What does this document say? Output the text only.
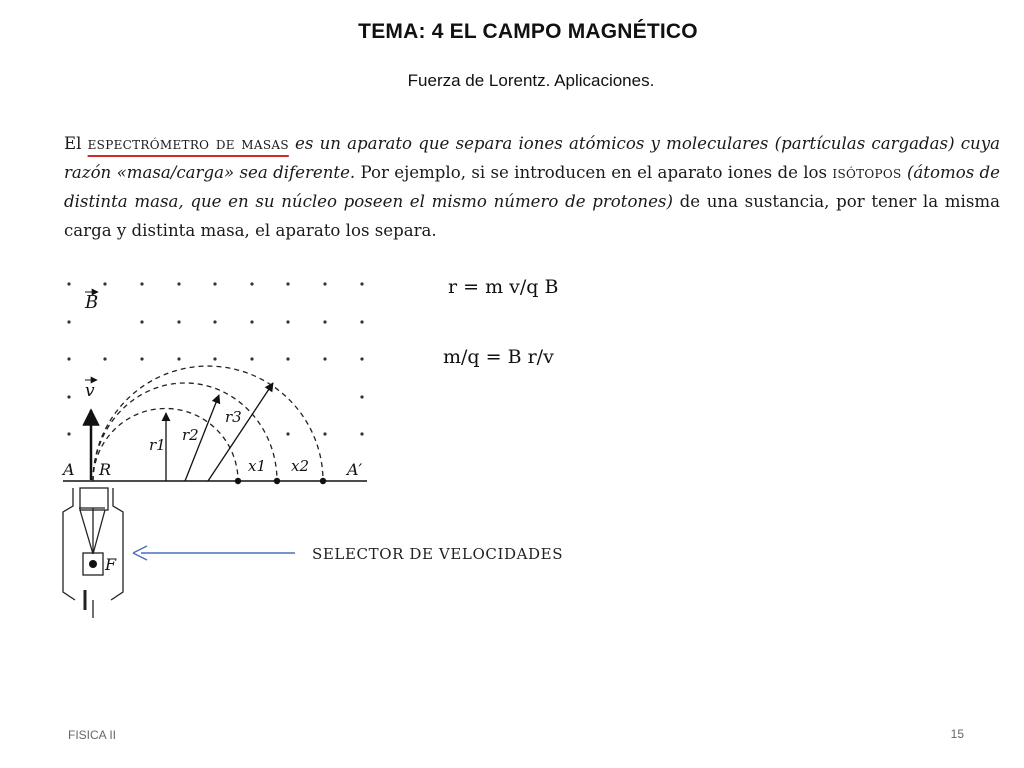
TEMA: 4 EL CAMPO MAGNÉTICO
Fuerza de Lorentz. Aplicaciones.
El espectrómetro de masas es un aparato que separa iones atómicos y moleculares (partículas cargadas) cuya razón «masa/carga» sea diferente. Por ejemplo, si se introducen en el aparato iones de los isótopos (átomos de distinta masa, que en su núcleo poseen el mismo número de protones) de una sustancia, por tener la misma carga y distinta masa, el aparato los separa.
r = m v/q B
m/q = B r/v
B
A R	A′
v
r1
r2
r3
x1 x2
F
SELECTOR DE VELOCIDADES
FISICA II	15
